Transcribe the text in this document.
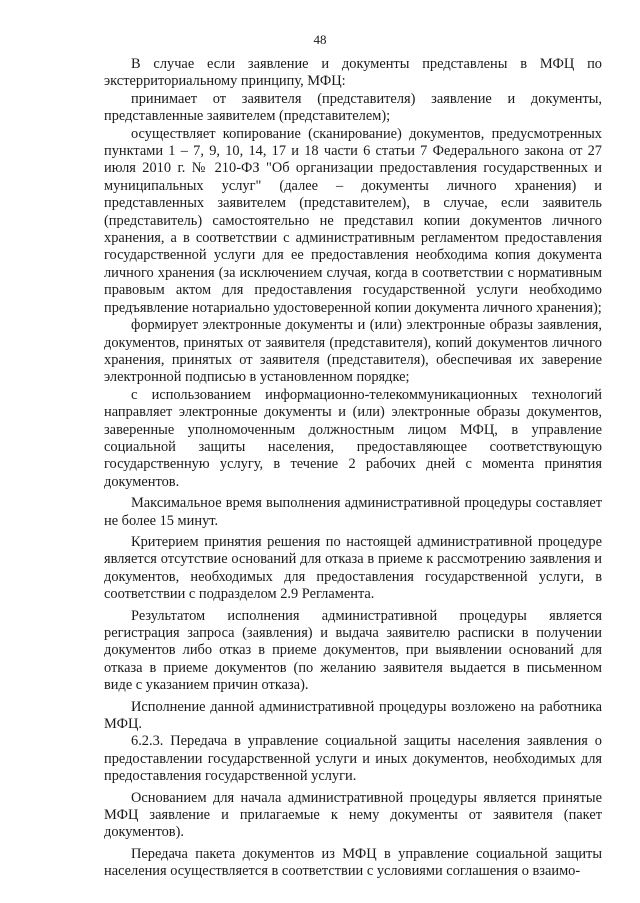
48

В случае если заявление и документы представлены в МФЦ по экстерриториальному принципу, МФЦ:

принимает от заявителя (представителя) заявление и документы, представленные заявителем (представителем);

осуществляет копирование (сканирование) документов, предусмотренных пунктами 1 – 7, 9, 10, 14, 17 и 18 части 6 статьи 7 Федерального закона от 27 июля 2010 г. № 210-ФЗ "Об организации предоставления государственных и муниципальных услуг" (далее – документы личного хранения) и представленных заявителем (представителем), в случае, если заявитель (представитель) самостоятельно не представил копии документов личного хранения, а в соответствии с административным регламентом предоставления государственной услуги для ее предоставления необходима копия документа личного хранения (за исключением случая, когда в соответствии с нормативным правовым актом для предоставления государственной услуги необходимо предъявление нотариально удостоверенной копии документа личного хранения);

формирует электронные документы и (или) электронные образы заявления, документов, принятых от заявителя (представителя), копий документов личного хранения, принятых от заявителя (представителя), обеспечивая их заверение электронной подписью в установленном порядке;

с использованием информационно-телекоммуникационных технологий направляет электронные документы и (или) электронные образы документов, заверенные уполномоченным должностным лицом МФЦ, в управление социальной защиты населения, предоставляющее соответствующую государственную услугу, в течение 2 рабочих дней с момента принятия документов.

Максимальное время выполнения административной процедуры составляет не более 15 минут.

Критерием принятия решения по настоящей административной процедуре является отсутствие оснований для отказа в приеме к рассмотрению заявления и документов, необходимых для предоставления государственной услуги, в соответствии с подразделом 2.9 Регламента.

Результатом исполнения административной процедуры является регистрация запроса (заявления) и выдача заявителю расписки в получении документов либо отказ в приеме документов, при выявлении оснований для отказа в приеме документов (по желанию заявителя выдается в письменном виде с указанием причин отказа).

Исполнение данной административной процедуры возложено на работника МФЦ.

6.2.3. Передача в управление социальной защиты населения заявления о предоставлении государственной услуги и иных документов, необходимых для предоставления государственной услуги.

Основанием для начала административной процедуры является принятые МФЦ заявление и прилагаемые к нему документы от заявителя (пакет документов).

Передача пакета документов из МФЦ в управление социальной защиты населения осуществляется в соответствии с условиями соглашения о взаимо-
